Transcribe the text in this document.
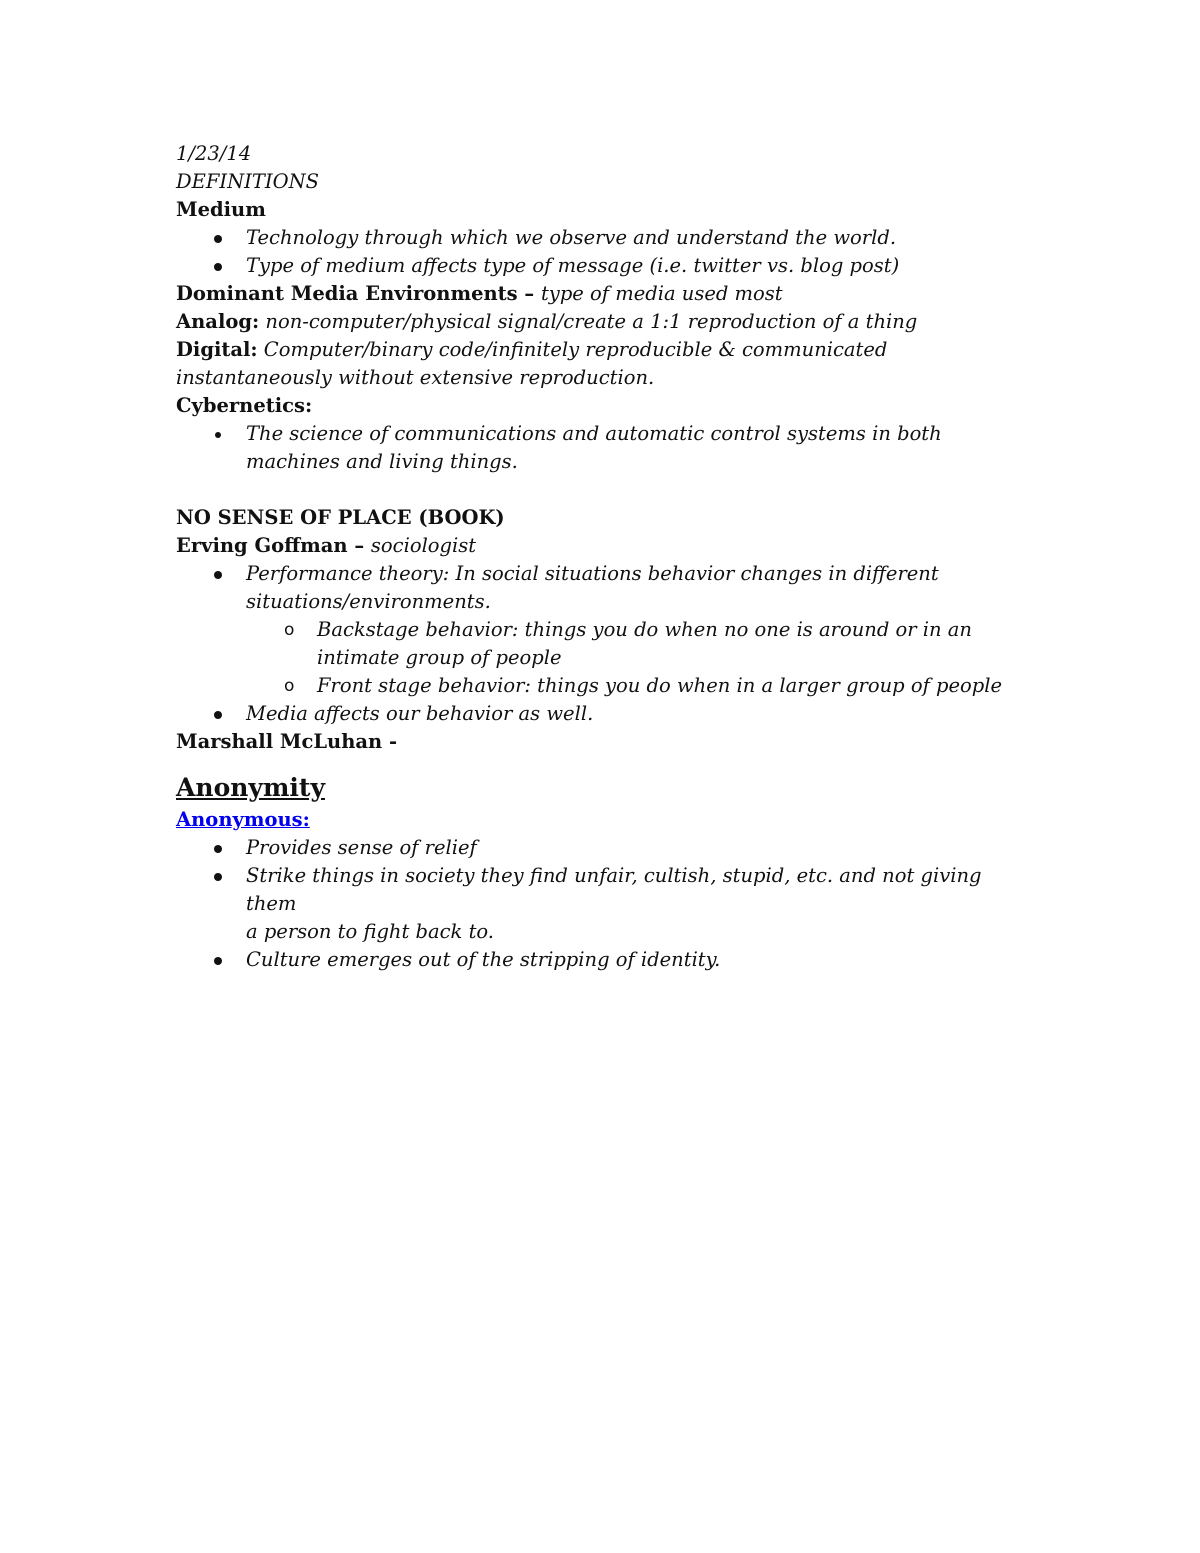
1/23/14
DEFINITIONS
Medium
Technology through which we observe and understand the world.
Type of medium affects type of message (i.e. twitter vs. blog post)
Dominant Media Environments – type of media used most
Analog: non-computer/physical signal/create a 1:1 reproduction of a thing
Digital: Computer/binary code/infinitely reproducible & communicated
instantaneously without extensive reproduction.
Cybernetics:
The science of communications and automatic control systems in both
machines and living things.
NO SENSE OF PLACE (BOOK)
Erving Goffman – sociologist
Performance theory: In social situations behavior changes in different
situations/environments.
o Backstage behavior: things you do when no one is around or in an
intimate group of people
o Front stage behavior: things you do when in a larger group of people
Media affects our behavior as well.
Marshall McLuhan -
Anonymity
Anonymous:
Provides sense of relief
Strike things in society they find unfair, cultish, stupid, etc. and not giving them
a person to fight back to.
Culture emerges out of the stripping of identity.
